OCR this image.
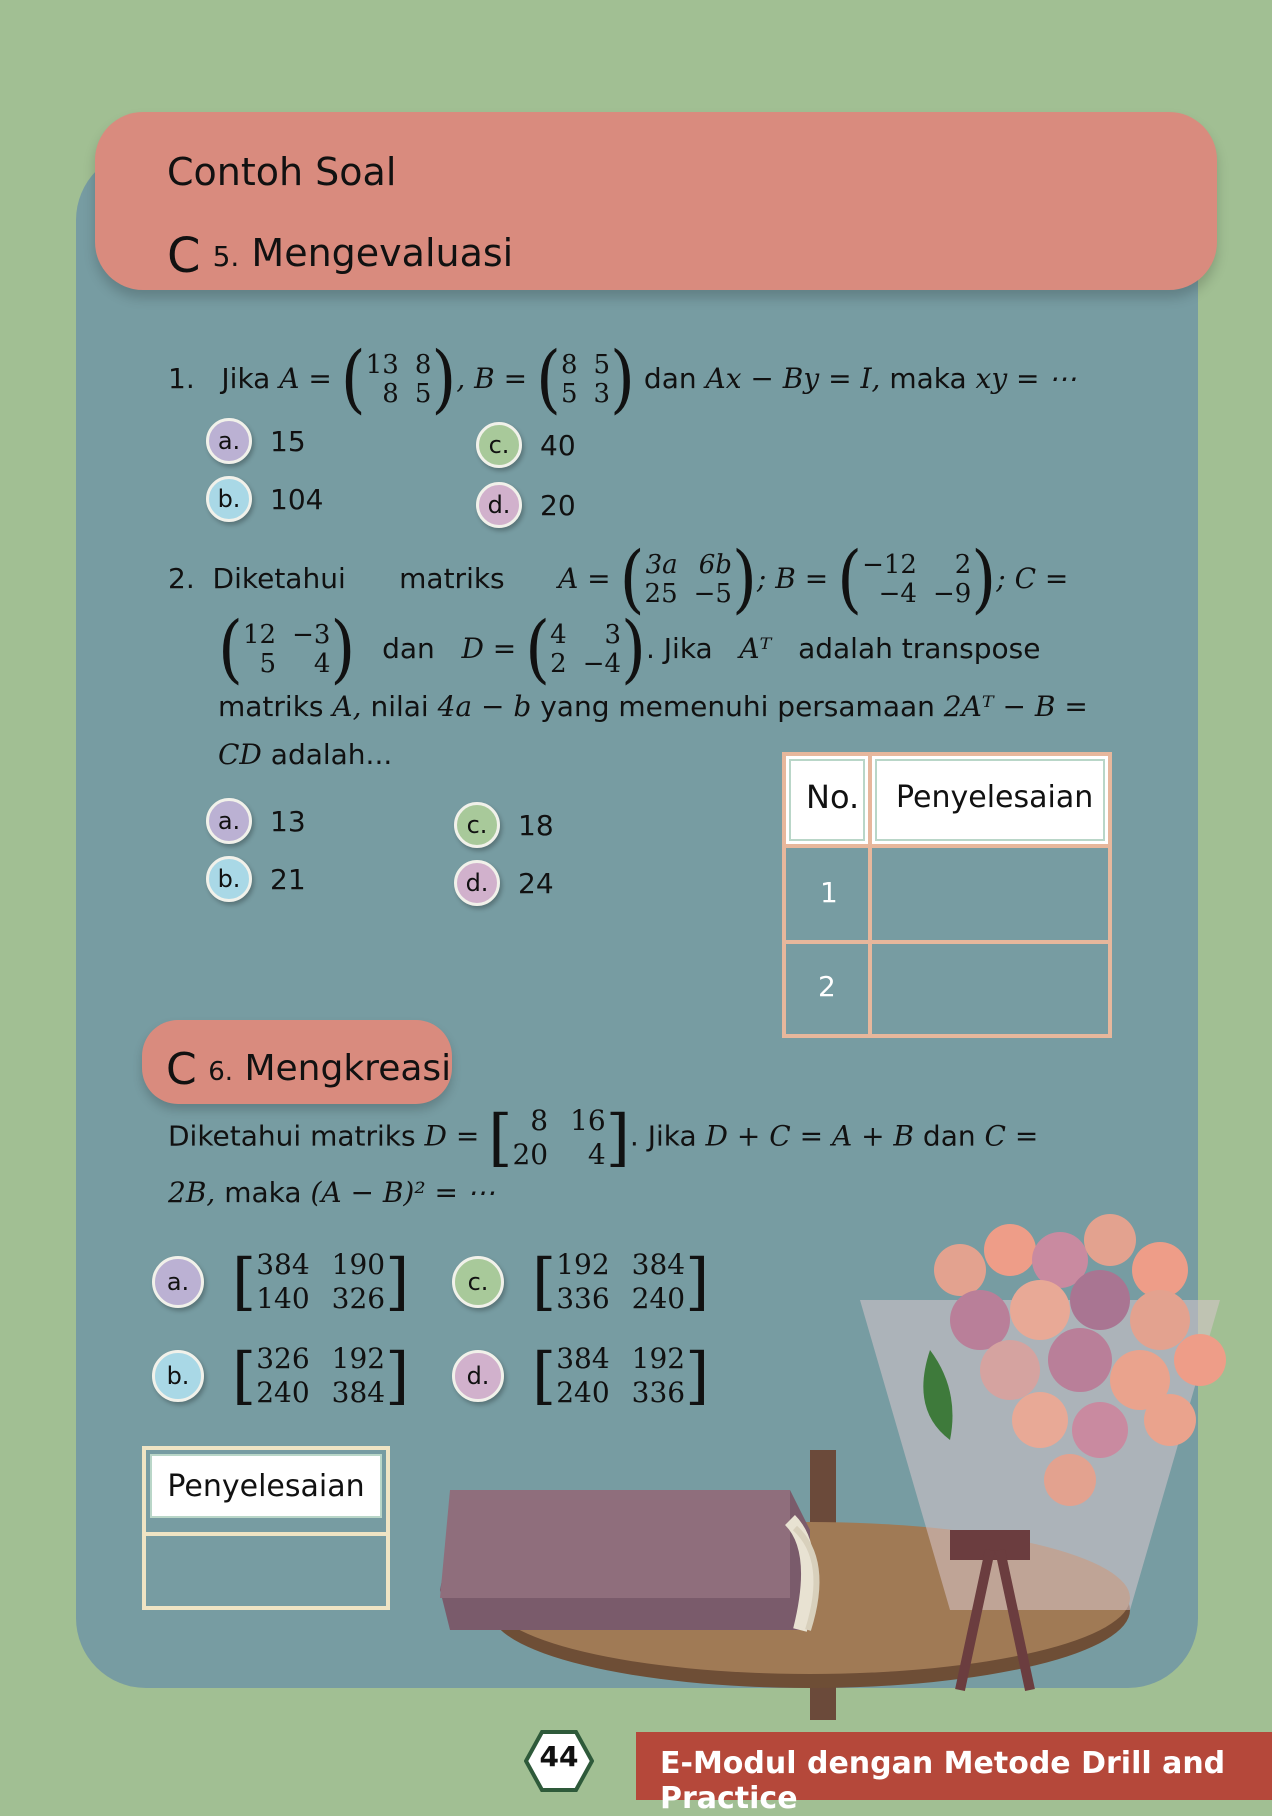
Contoh Soal
C 5. Mengevaluasi
1. Jika A = ( 13 8
8 5 ) , B = ( 8 5
5 3 ) dan Ax − By = I, maka xy = ⋯
a.	15
b.	104
c.	40
d.	20
2. Diketahui matriks A = ( 3a 6b
25 −5 ) ; B = ( −12	2
−4 −9 ) ; C =
( 12 −3
5	4 ) dan D = ( 4	3
2 −4 ) . Jika Aᵀ adalah transpose
matriks A, nilai 4a − b yang memenuhi persamaan 2Aᵀ − B =
CD adalah...
a.	13
b.	21
c.	18
d.	24
No. Penyelesaian
1
2
C 6. Mengkreasi
Diketahui matriks D = [ 8 16
20	4 ] . Jika D + C = A + B dan C =
2B, maka (A − B)² = ⋯
a. [ 384 190
140 326 ]
b. [ 326 192
240 384 ]
c. [ 192 384
336 240 ]
d. [ 384 192
240 336 ]
Penyelesaian
E-Modul dengan Metode Drill and Practice
44
